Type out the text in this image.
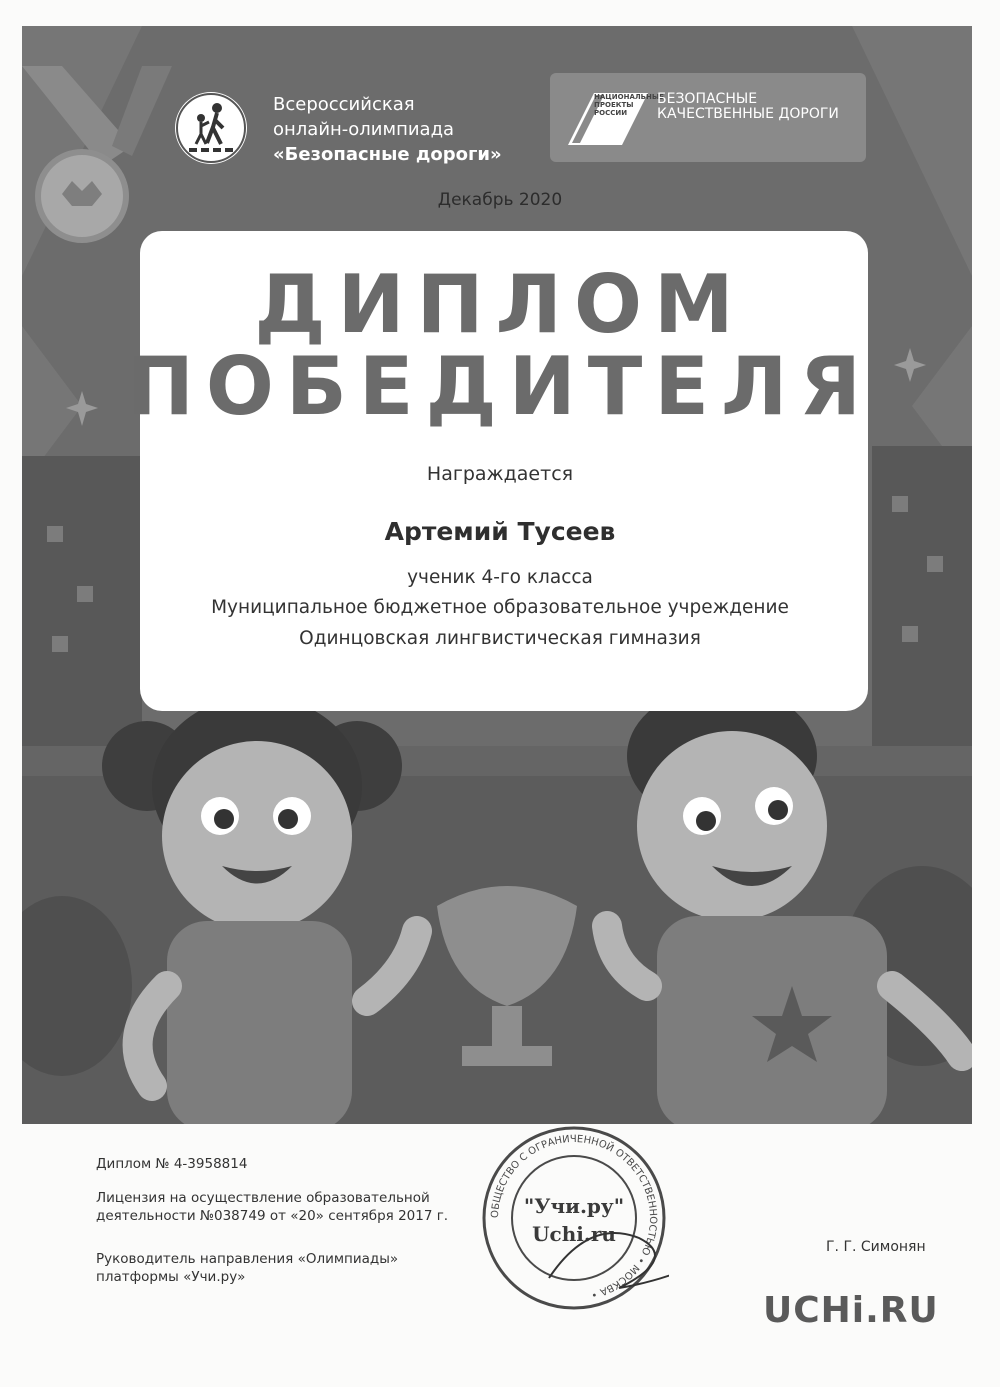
Всероссийская
онлайн-олимпиада
«Безопасные дороги»
НАЦИОНАЛЬНЫЕ ПРОЕКТЫ РОССИИ
БЕЗОПАСНЫЕ
КАЧЕСТВЕННЫЕ ДОРОГИ
Декабрь 2020
ДИПЛОМ
ПОБЕДИТЕЛЯ
Награждается
Артемий Тусеев
ученик 4-го класса
Муниципальное бюджетное образовательное учреждение
Одинцовская лингвистическая гимназия
Диплом № 4-3958814
Лицензия на осуществление образовательной деятельности №038749 от «20» сентября 2017 г.
Руководитель направления «Олимпиады» платформы «Учи.ру»
ОБЩЕСТВО С ОГРАНИЧЕННОЙ ОТВЕТСТВЕННОСТЬЮ • МОСКВА •
"Учи.ру"
Uchi.ru
Г. Г. Симонян
UCHi.RU
